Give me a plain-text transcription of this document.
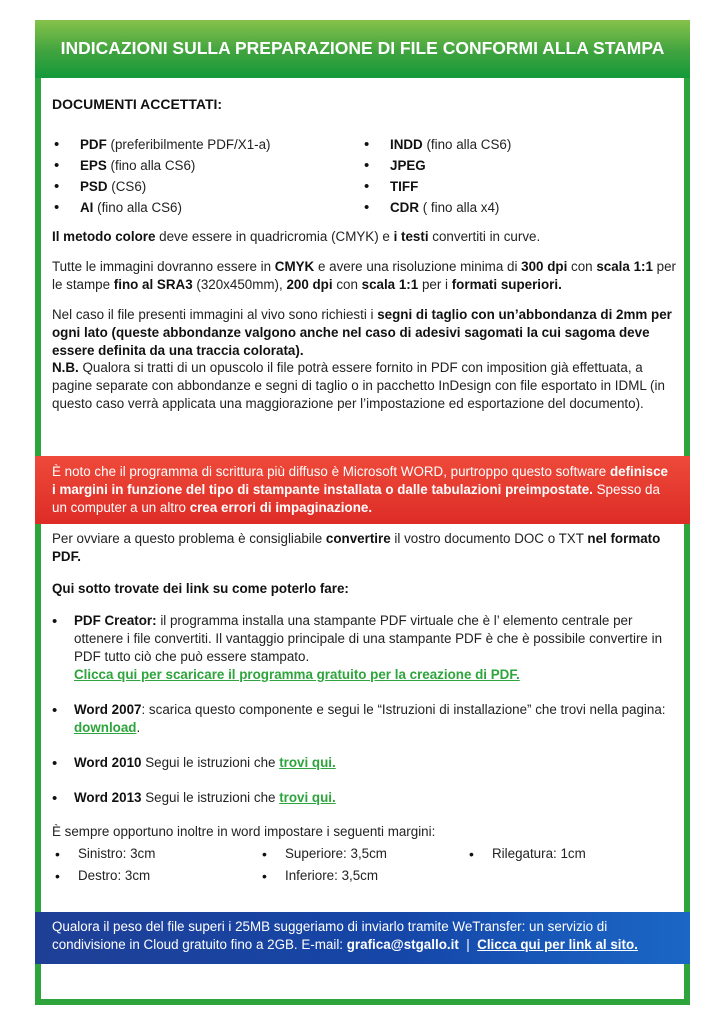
INDICAZIONI SULLA PREPARAZIONE DI FILE CONFORMI ALLA STAMPA
DOCUMENTI ACCETTATI:
• PDF (preferibilmente PDF/X1-a)
• EPS (fino alla CS6)
• PSD (CS6)
• AI (fino alla CS6)
• INDD (fino alla CS6)
• JPEG
• TIFF
• CDR ( fino alla x4)

Il metodo colore deve essere in quadricromia (CMYK) e i testi convertiti in curve.

Tutte le immagini dovranno essere in CMYK e avere una risoluzione minima di 300 dpi con scala 1:1 per le stampe fino al SRA3 (320x450mm), 200 dpi con scala 1:1 per i formati superiori.

Nel caso il file presenti immagini al vivo sono richiesti i segni di taglio con un’abbondanza di 2mm per ogni lato (queste abbondanze valgono anche nel caso di adesivi sagomati la cui sagoma deve essere definita da una traccia colorata).

N.B. Qualora si tratti di un opuscolo il file potrà essere fornito in PDF con imposition già effettuata, a pagine separate con abbondanze e segni di taglio o in pacchetto InDesign con file esportato in IDML (in questo caso verrà applicata una maggiorazione per l’impostazione ed esportazione del documento).

È noto che il programma di scrittura più diffuso è Microsoft WORD, purtroppo questo software definisce i margini in funzione del tipo di stampante installata o dalle tabulazioni preimpostate. Spesso da un computer a un altro crea errori di impaginazione.

Per ovviare a questo problema è consigliabile convertire il vostro documento DOC o TXT nel formato PDF.

Qui sotto trovate dei link su come poterlo fare:

• PDF Creator: il programma installa una stampante PDF virtuale che è l’ elemento centrale per ottenere i file convertiti. Il vantaggio principale di una stampante PDF è che è possibile convertire in PDF tutto ciò che può essere stampato.
Clicca qui per scaricare il programma gratuito per la creazione di PDF.
• Word 2007: scarica questo componente e segui le “Istruzioni di installazione” che trovi nella pagina: download.
• Word 2010 Segui le istruzioni che trovi qui.
• Word 2013 Segui le istruzioni che trovi qui.

È sempre opportuno inoltre in word impostare i seguenti margini:

• Sinistro: 3cm
• Destro: 3cm
• Superiore: 3,5cm
• Inferiore: 3,5cm
• Rilegatura: 1cm
Qualora il peso del file superi i 25MB suggeriamo di inviarlo tramite WeTransfer: un servizio di condivisione in Cloud gratuito fino a 2GB. E-mail: grafica@stgallo.it  |  Clicca qui per link al sito.
